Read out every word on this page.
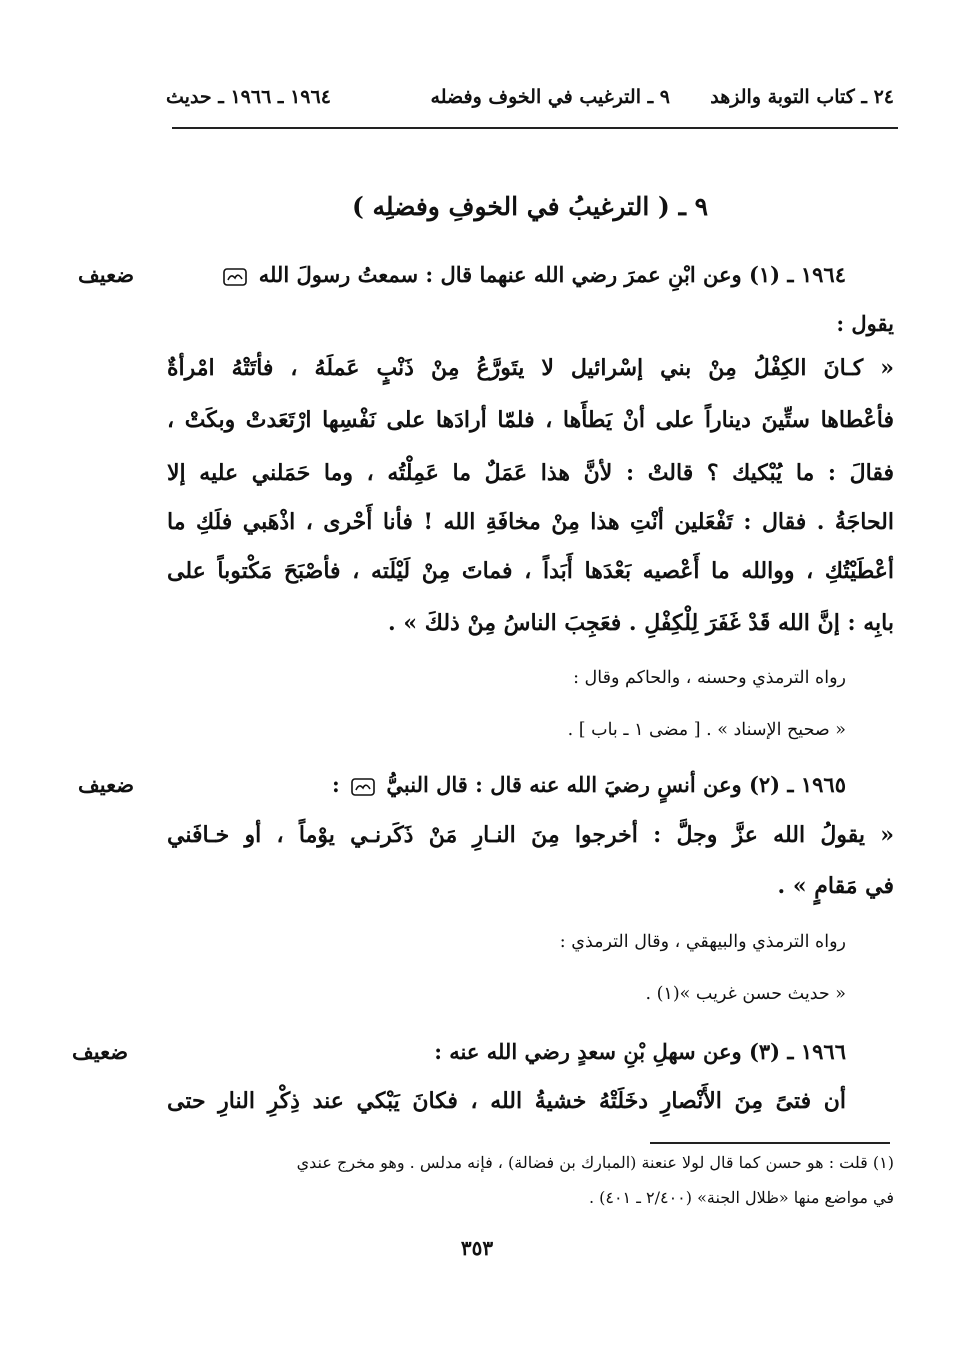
٢٤ ـ كتاب التوبة والزهد
٩ ـ الترغيب في الخوف وفضله
١٩٦٤ ـ ١٩٦٦ ـ حديث
٩ ـ ( الترغيبُ في الخوفِ وفضلِه )
ضعيف	١٩٦٤ ـ (١) وعن ابْنِ عمرَ رضي الله عنهما قال : سمعتُ رسولَ الله
يقول :
« كـانَ الكِفْلُ مِنْ بني إسْرائيل لا يتَورَّعُ مِنْ ذَنْبٍ عَملَهُ ، فأتَتْهُ امْرأةٌ
فأعْطاها ستِّينَ ديناراً على أنْ يَطأَها ، فلمّا أرادَها على نَفْسِها ارْتَعَدتْ وبكَتْ ،
فقالَ : ما يُبْكيك ؟ قالتْ : لأنَّ هذا عَمَلٌ ما عَمِلْتُه ، وما حَمَلني عليه إلا
الحاجَةُ . فقال : تَفْعَلين أنْتِ هذا مِنْ مخافَةِ الله ! فأنا أَحْرى ، اذْهَبي فلَكِ ما
أعْطَيْتُكِ ، ووالله ما أَعْصيه بَعْدَها أَبَداً ، فماتَ مِنْ لَيْلَته ، فأصْبَحَ مَكْتوباً على
بابِه : إنَّ الله قَدْ غَفَرَ لِلْكِفْلِ . فعَجِبَ الناسُ مِنْ ذلكَ » .
رواه الترمذي وحسنه ، والحاكم وقال :
« صحيح الإسناد » . [ مضى ١ ـ باب ] .
ضعيف	١٩٦٥ ـ (٢) وعن أنسٍ رضيَ الله عنه قال : قال النبيُّ  :
« يقولُ الله عزَّ وجلَّ : أخرجوا مِنَ النـارِ مَنْ ذَكَرنـي يوْماً ، أو خـافَني
في مَقامٍ » .
رواه الترمذي والبيهقي ، وقال الترمذي :
« حديث حسن غريب »(١) .
ضعيف	١٩٦٦ ـ (٣) وعن سهلِ بْنِ سعدٍ رضي الله عنه :
أن فتىً مِنَ الأَنْصارِ دخَلَتْهُ خشيةُ الله ، فكانَ يَبْكي عند ذِكْرِ النارِ حتى
(١) قلت : هو حسن كما قال لولا عنعنة (المبارك بن فضالة) ، فإنه مدلس . وهو مخرج عندي
في مواضع منها «ظلال الجنة» (٢/٤٠٠ ـ ٤٠١) .
٣٥٣
